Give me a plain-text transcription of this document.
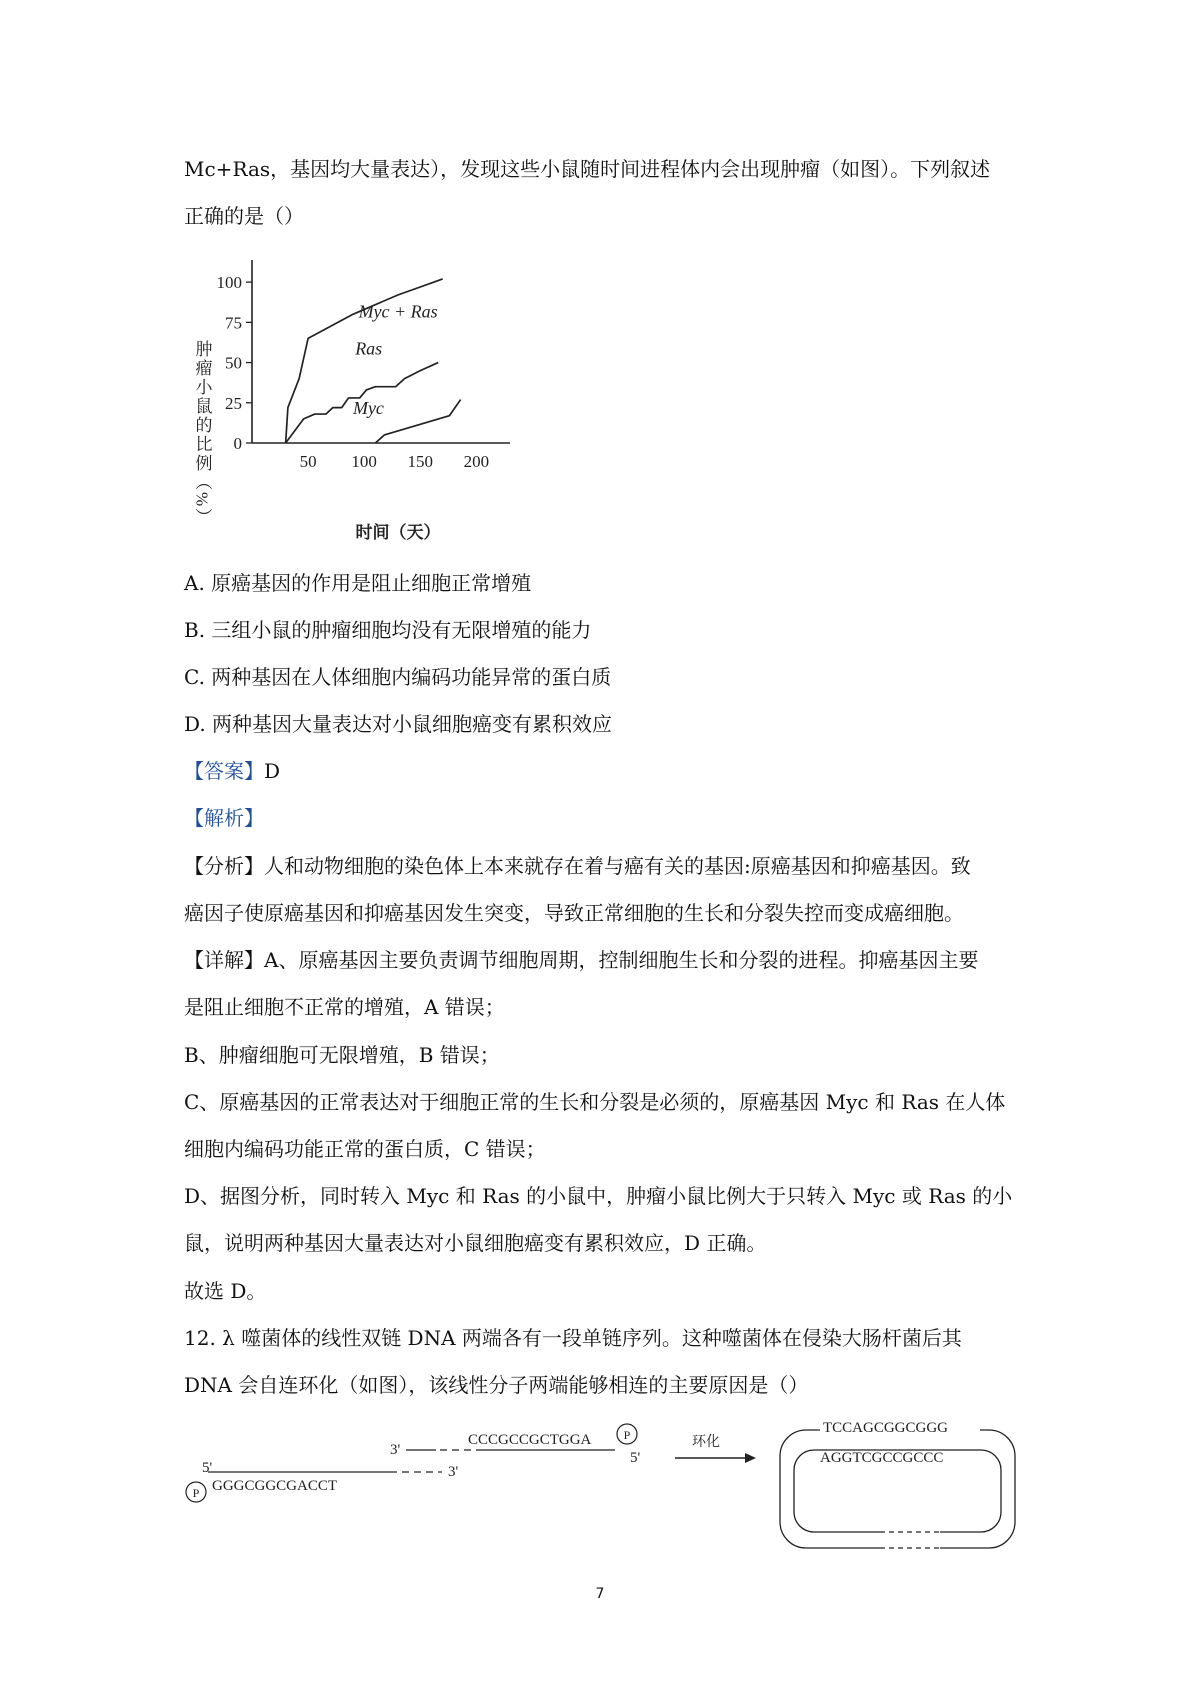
Mc+Ras，基因均大量表达），发现这些小鼠随时间进程体内会出现肿瘤（如图）。下列叙述
正确的是（）
0
25
50
75
100
50 100 150 200
Myc + Ras
Ras
Myc
肿瘤小鼠的比例（%）
时间（天）
A. 原癌基因的作用是阻止细胞正常增殖
B. 三组小鼠的肿瘤细胞均没有无限增殖的能力
C. 两种基因在人体细胞内编码功能异常的蛋白质
D. 两种基因大量表达对小鼠细胞癌变有累积效应
【答案】D
【解析】
【分析】人和动物细胞的染色体上本来就存在着与癌有关的基因:原癌基因和抑癌基因。致
癌因子使原癌基因和抑癌基因发生突变，导致正常细胞的生长和分裂失控而变成癌细胞。
【详解】A、原癌基因主要负责调节细胞周期，控制细胞生长和分裂的进程。抑癌基因主要
是阻止细胞不正常的增殖，A 错误；
B、肿瘤细胞可无限增殖，B 错误；
C、原癌基因的正常表达对于细胞正常的生长和分裂是必须的，原癌基因 Myc 和 Ras 在人体
细胞内编码功能正常的蛋白质，C 错误；
D、据图分析，同时转入 Myc 和 Ras 的小鼠中，肿瘤小鼠比例大于只转入 Myc 或 Ras 的小
鼠，说明两种基因大量表达对小鼠细胞癌变有累积效应，D 正确。
故选 D。
12. λ 噬菌体的线性双链 DNA 两端各有一段单链序列。这种噬菌体在侵染大肠杆菌后其
DNA 会自连环化（如图），该线性分子两端能够相连的主要原因是（）
3'
CCCGCCGCTGGA	P
5'
5'
P GGGCGGCGACCT
3'
环化
TCCAGCGGCGGG
AGGTCGCCGCCC
7
